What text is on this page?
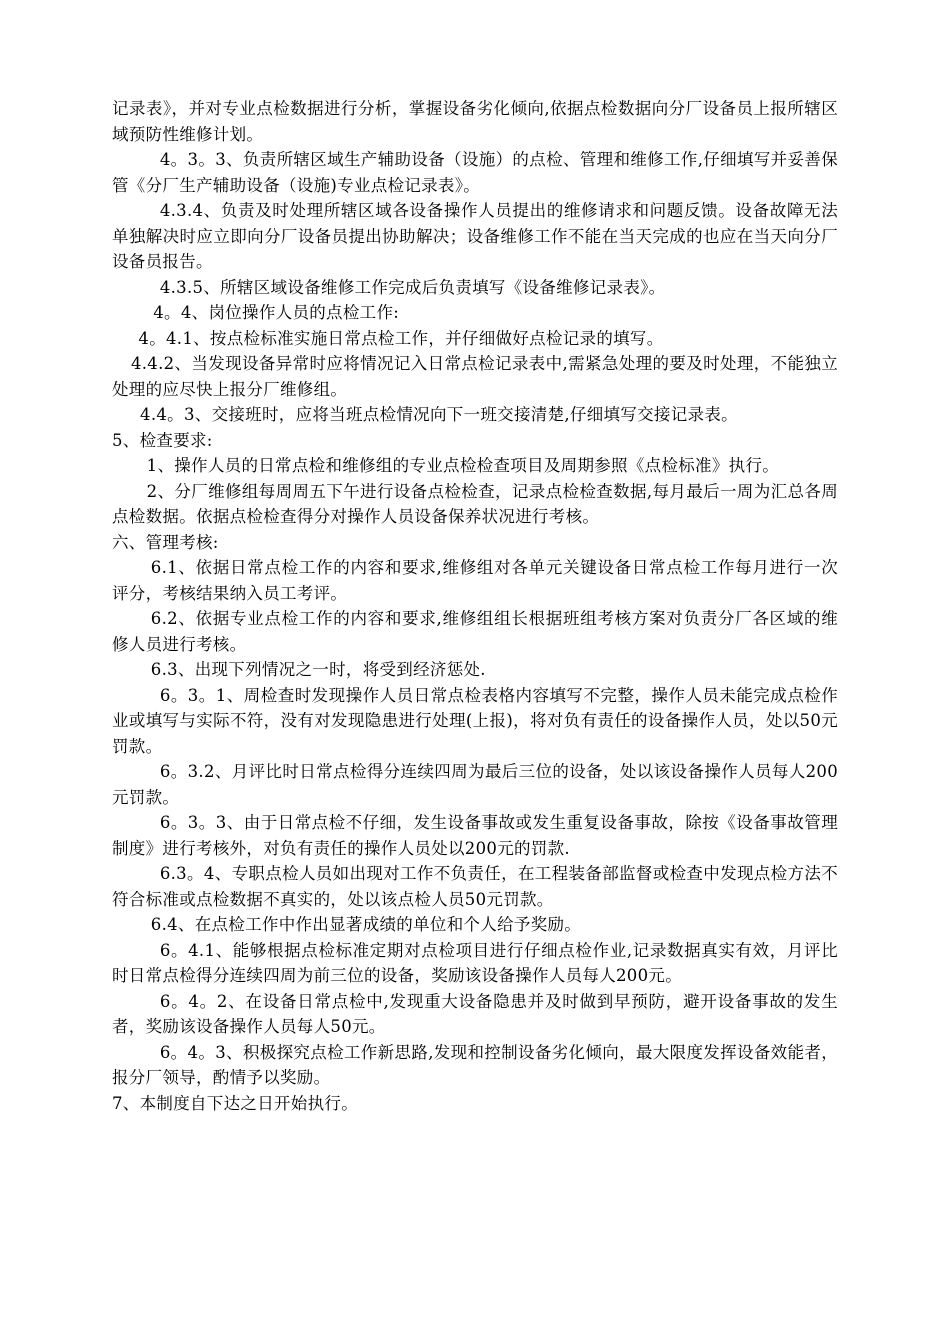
记录表》，并对专业点检数据进行分析，掌握设备劣化倾向,依据点检数据向分厂设备员上报所辖区域预防性维修计划。

4。3。3、负责所辖区域生产辅助设备（设施）的点检、管理和维修工作,仔细填写并妥善保管《分厂生产辅助设备（设施)专业点检记录表》。

4.3.4、负责及时处理所辖区域各设备操作人员提出的维修请求和问题反馈。设备故障无法单独解决时应立即向分厂设备员提出协助解决；设备维修工作不能在当天完成的也应在当天向分厂设备员报告。

4.3.5、所辖区域设备维修工作完成后负责填写《设备维修记录表》。

4。4、岗位操作人员的点检工作:

4。4.1、按点检标准实施日常点检工作，并仔细做好点检记录的填写。

4.4.2、当发现设备异常时应将情况记入日常点检记录表中,需紧急处理的要及时处理，不能独立处理的应尽快上报分厂维修组。

4.4。3、交接班时，应将当班点检情况向下一班交接清楚,仔细填写交接记录表。

5、检查要求:

1、操作人员的日常点检和维修组的专业点检检查项目及周期参照《点检标准》执行。

2、分厂维修组每周周五下午进行设备点检检查，记录点检检查数据,每月最后一周为汇总各周点检数据。依据点检检查得分对操作人员设备保养状况进行考核。

六、管理考核:

6.1、依据日常点检工作的内容和要求,维修组对各单元关键设备日常点检工作每月进行一次评分，考核结果纳入员工考评。

6.2、依据专业点检工作的内容和要求,维修组组长根据班组考核方案对负责分厂各区域的维修人员进行考核。

6.3、出现下列情况之一时，将受到经济惩处.

6。3。1、周检查时发现操作人员日常点检表格内容填写不完整，操作人员未能完成点检作业或填写与实际不符，没有对发现隐患进行处理(上报)，将对负有责任的设备操作人员，处以50元罚款。

6。3.2、月评比时日常点检得分连续四周为最后三位的设备，处以该设备操作人员每人200元罚款。

6。3。3、由于日常点检不仔细，发生设备事故或发生重复设备事故，除按《设备事故管理制度》进行考核外，对负有责任的操作人员处以200元的罚款.

6.3。4、专职点检人员如出现对工作不负责任，在工程装备部监督或检查中发现点检方法不符合标准或点检数据不真实的，处以该点检人员50元罚款。

6.4、在点检工作中作出显著成绩的单位和个人给予奖励。

6。4.1、能够根据点检标准定期对点检项目进行仔细点检作业,记录数据真实有效，月评比时日常点检得分连续四周为前三位的设备，奖励该设备操作人员每人200元。

6。4。2、在设备日常点检中,发现重大设备隐患并及时做到早预防，避开设备事故的发生者，奖励该设备操作人员每人50元。

6。4。3、积极探究点检工作新思路,发现和控制设备劣化倾向，最大限度发挥设备效能者，报分厂领导，酌情予以奖励。

7、本制度自下达之日开始执行。
